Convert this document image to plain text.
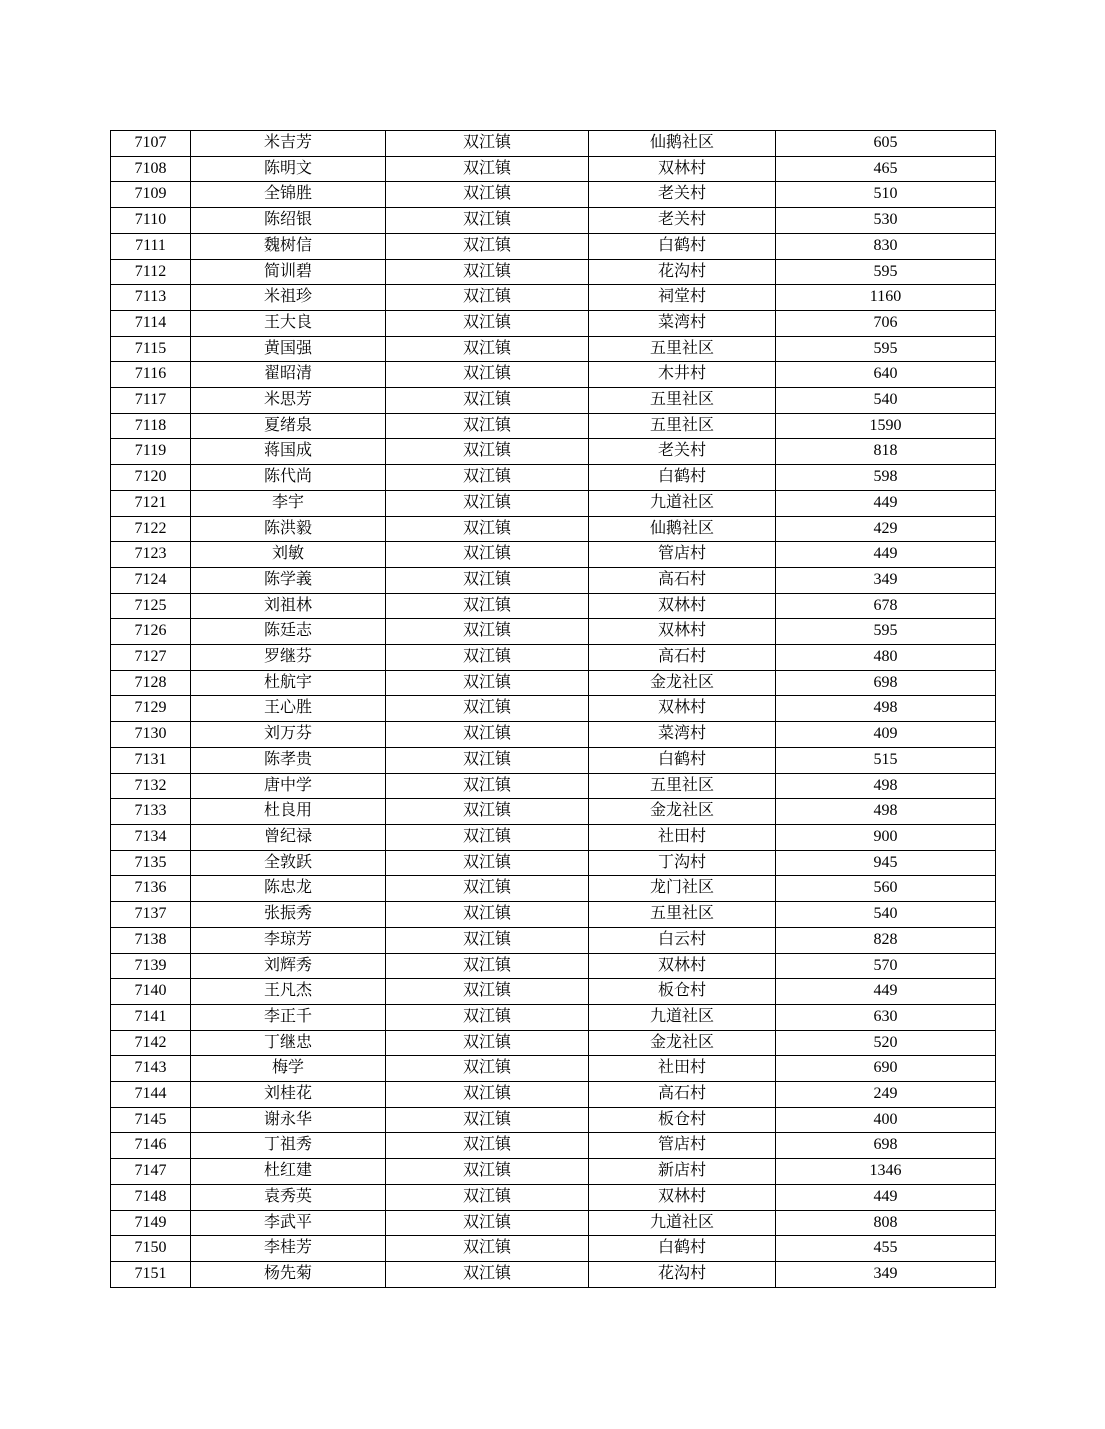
7107	米吉芳	双江镇	仙鹅社区	605
7108	陈明文	双江镇	双林村	465
7109	全锦胜	双江镇	老关村	510
7110	陈绍银	双江镇	老关村	530
7111	魏树信	双江镇	白鹤村	830
7112	简训碧	双江镇	花沟村	595
7113	米祖珍	双江镇	祠堂村	1160
7114	王大良	双江镇	菜湾村	706
7115	黄国强	双江镇	五里社区	595
7116	翟昭清	双江镇	木井村	640
7117	米思芳	双江镇	五里社区	540
7118	夏绪泉	双江镇	五里社区	1590
7119	蒋国成	双江镇	老关村	818
7120	陈代尚	双江镇	白鹤村	598
7121	李宇	双江镇	九道社区	449
7122	陈洪毅	双江镇	仙鹅社区	429
7123	刘敏	双江镇	管店村	449
7124	陈学義	双江镇	高石村	349
7125	刘祖林	双江镇	双林村	678
7126	陈廷志	双江镇	双林村	595
7127	罗继芬	双江镇	高石村	480
7128	杜航宇	双江镇	金龙社区	698
7129	王心胜	双江镇	双林村	498
7130	刘万芬	双江镇	菜湾村	409
7131	陈孝贵	双江镇	白鹤村	515
7132	唐中学	双江镇	五里社区	498
7133	杜良用	双江镇	金龙社区	498
7134	曾纪禄	双江镇	社田村	900
7135	全敦跃	双江镇	丁沟村	945
7136	陈忠龙	双江镇	龙门社区	560
7137	张振秀	双江镇	五里社区	540
7138	李琼芳	双江镇	白云村	828
7139	刘辉秀	双江镇	双林村	570
7140	王凡杰	双江镇	板仓村	449
7141	李正千	双江镇	九道社区	630
7142	丁继忠	双江镇	金龙社区	520
7143	梅学	双江镇	社田村	690
7144	刘桂花	双江镇	高石村	249
7145	谢永华	双江镇	板仓村	400
7146	丁祖秀	双江镇	管店村	698
7147	杜红建	双江镇	新店村	1346
7148	袁秀英	双江镇	双林村	449
7149	李武平	双江镇	九道社区	808
7150	李桂芳	双江镇	白鹤村	455
7151	杨先菊	双江镇	花沟村	349
